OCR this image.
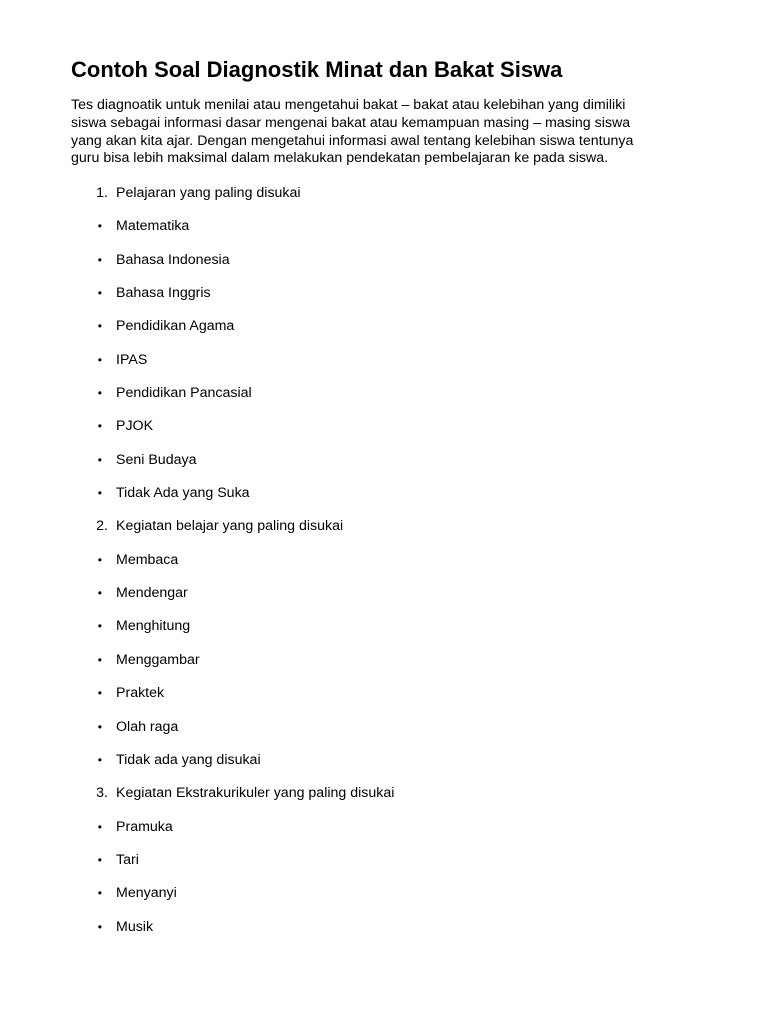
Contoh Soal Diagnostik Minat dan Bakat Siswa

Tes diagnoatik untuk menilai atau mengetahui bakat – bakat atau kelebihan yang dimiliki
siswa sebagai informasi dasar mengenai bakat atau kemampuan masing – masing siswa
yang akan kita ajar. Dengan mengetahui informasi awal tentang kelebihan siswa tentunya
guru bisa lebih maksimal dalam melakukan pendekatan pembelajaran ke pada siswa.

1. Pelajaran yang paling disukai
• Matematika
• Bahasa Indonesia
• Bahasa Inggris
• Pendidikan Agama
• IPAS
• Pendidikan Pancasial
• PJOK
• Seni Budaya
• Tidak Ada yang Suka
2. Kegiatan belajar yang paling disukai
• Membaca
• Mendengar
• Menghitung
• Menggambar
• Praktek
• Olah raga
• Tidak ada yang disukai
3. Kegiatan Ekstrakurikuler yang paling disukai
• Pramuka
• Tari
• Menyanyi
• Musik
